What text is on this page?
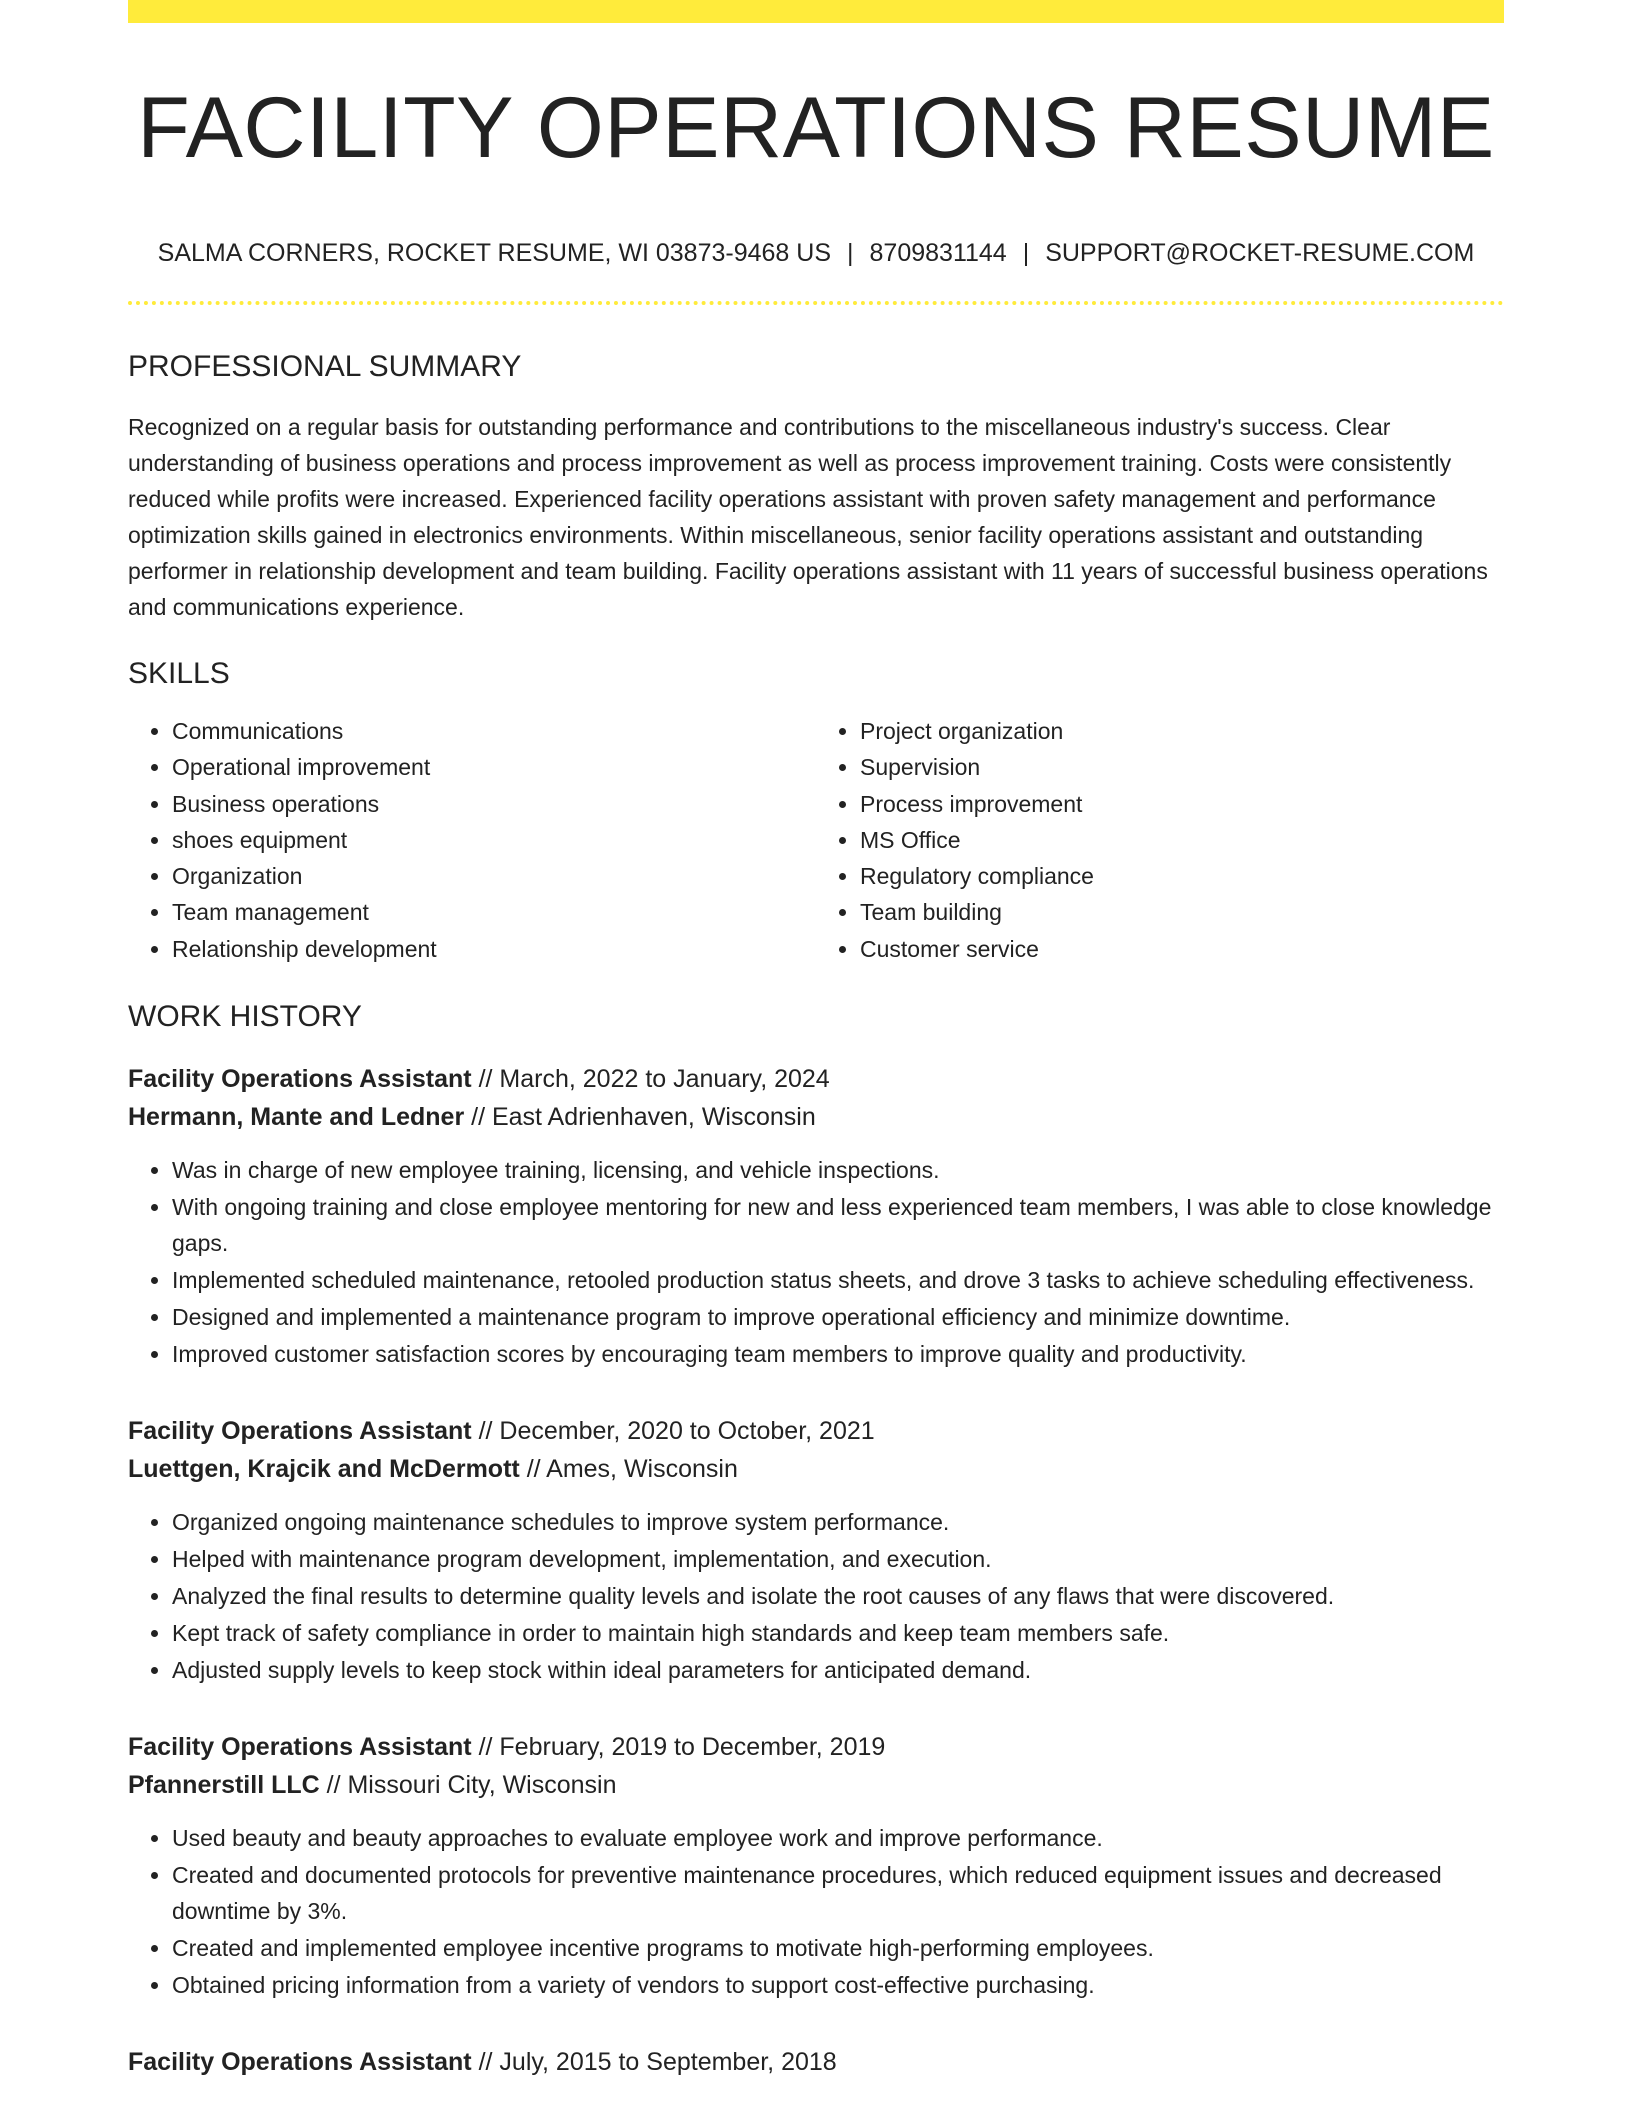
FACILITY OPERATIONS RESUME
SALMA CORNERS, ROCKET RESUME, WI 03873-9468 US | 8709831144 | SUPPORT@ROCKET-RESUME.COM
PROFESSIONAL SUMMARY

Recognized on a regular basis for outstanding performance and contributions to the miscellaneous industry's success. Clear understanding of business operations and process improvement as well as process improvement training. Costs were consistently reduced while profits were increased. Experienced facility operations assistant with proven safety management and performance optimization skills gained in electronics environments. Within miscellaneous, senior facility operations assistant and outstanding performer in relationship development and team building. Facility operations assistant with 11 years of successful business operations and communications experience.

SKILLS
• Communications
• Operational improvement
• Business operations
• shoes equipment
• Organization
• Team management
• Relationship development
• Project organization
• Supervision
• Process improvement
• MS Office
• Regulatory compliance
• Team building
• Customer service
WORK HISTORY
Facility Operations Assistant // March, 2022 to January, 2024
Hermann, Mante and Ledner // East Adrienhaven, Wisconsin
• Was in charge of new employee training, licensing, and vehicle inspections.
• With ongoing training and close employee mentoring for new and less experienced team members, I was able to close knowledge gaps.
• Implemented scheduled maintenance, retooled production status sheets, and drove 3 tasks to achieve scheduling effectiveness.
• Designed and implemented a maintenance program to improve operational efficiency and minimize downtime.
• Improved customer satisfaction scores by encouraging team members to improve quality and productivity.
Facility Operations Assistant // December, 2020 to October, 2021
Luettgen, Krajcik and McDermott // Ames, Wisconsin
• Organized ongoing maintenance schedules to improve system performance.
• Helped with maintenance program development, implementation, and execution.
• Analyzed the final results to determine quality levels and isolate the root causes of any flaws that were discovered.
• Kept track of safety compliance in order to maintain high standards and keep team members safe.
• Adjusted supply levels to keep stock within ideal parameters for anticipated demand.
Facility Operations Assistant // February, 2019 to December, 2019
Pfannerstill LLC // Missouri City, Wisconsin
• Used beauty and beauty approaches to evaluate employee work and improve performance.
• Created and documented protocols for preventive maintenance procedures, which reduced equipment issues and decreased downtime by 3%.
• Created and implemented employee incentive programs to motivate high-performing employees.
• Obtained pricing information from a variety of vendors to support cost-effective purchasing.
Facility Operations Assistant // July, 2015 to September, 2018
